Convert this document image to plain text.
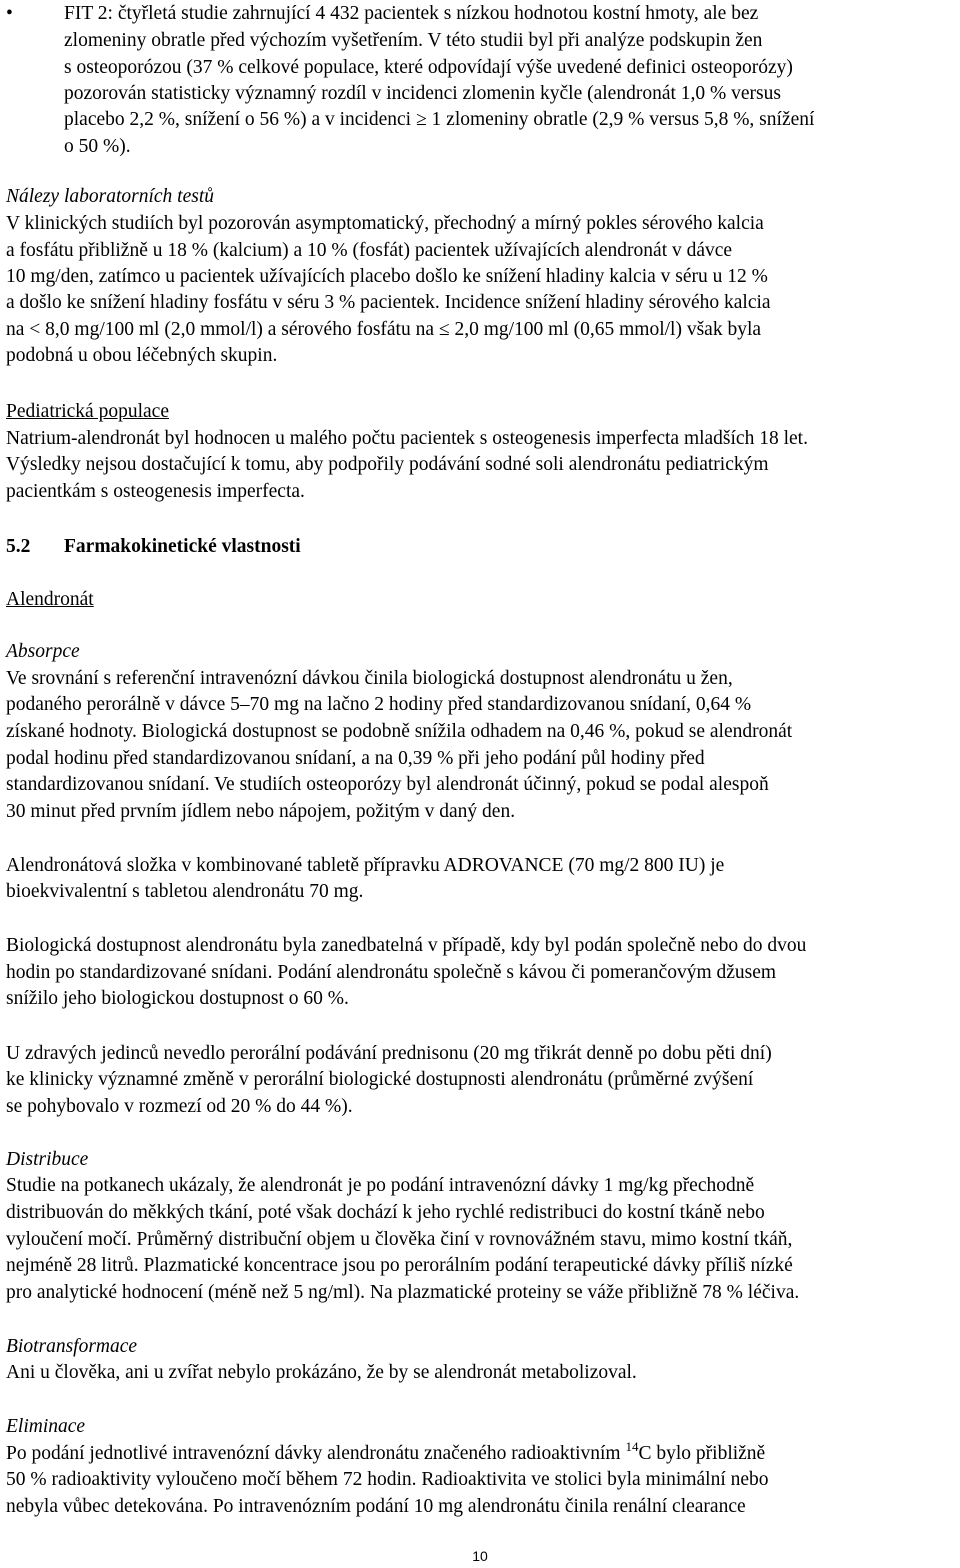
•	FIT 2: čtyřletá studie zahrnující 4 432 pacientek s nízkou hodnotou kostní hmoty, ale bez
zlomeniny obratle před výchozím vyšetřením. V této studii byl při analýze podskupin žen
s osteoporózou (37 % celkové populace, které odpovídají výše uvedené definici osteoporózy)
pozorován statisticky významný rozdíl v incidenci zlomenin kyčle (alendronát 1,0 % versus
placebo 2,2 %, snížení o 56 %) a v incidenci ≥ 1 zlomeniny obratle (2,9 % versus 5,8 %, snížení
o 50 %).
Nálezy laboratorních testů
V klinických studiích byl pozorován asymptomatický, přechodný a mírný pokles sérového kalcia
a fosfátu přibližně u 18 % (kalcium) a 10 % (fosfát) pacientek užívajících alendronát v dávce
10 mg/den, zatímco u pacientek užívajících placebo došlo ke snížení hladiny kalcia v séru u 12 %
a došlo ke snížení hladiny fosfátu v séru 3 % pacientek. Incidence snížení hladiny sérového kalcia
na < 8,0 mg/100 ml (2,0 mmol/l) a sérového fosfátu na ≤ 2,0 mg/100 ml (0,65 mmol/l) však byla
podobná u obou léčebných skupin.
Pediatrická populace
Natrium-alendronát byl hodnocen u malého počtu pacientek s osteogenesis imperfecta mladších 18 let.
Výsledky nejsou dostačující k tomu, aby podpořily podávání sodné soli alendronátu pediatrickým
pacientkám s osteogenesis imperfecta.
5.2 Farmakokinetické vlastnosti
Alendronát
Absorpce
Ve srovnání s referenční intravenózní dávkou činila biologická dostupnost alendronátu u žen,
podaného perorálně v dávce 5–70 mg na lačno 2 hodiny před standardizovanou snídaní, 0,64 %
získané hodnoty. Biologická dostupnost se podobně snížila odhadem na 0,46 %, pokud se alendronát
podal hodinu před standardizovanou snídaní, a na 0,39 % při jeho podání půl hodiny před
standardizovanou snídaní. Ve studiích osteoporózy byl alendronát účinný, pokud se podal alespoň
30 minut před prvním jídlem nebo nápojem, požitým v daný den.
Alendronátová složka v kombinované tabletě přípravku ADROVANCE (70 mg/2 800 IU) je
bioekvivalentní s tabletou alendronátu 70 mg.
Biologická dostupnost alendronátu byla zanedbatelná v případě, kdy byl podán společně nebo do dvou
hodin po standardizované snídani. Podání alendronátu společně s kávou či pomerančovým džusem
snížilo jeho biologickou dostupnost o 60 %.
U zdravých jedinců nevedlo perorální podávání prednisonu (20 mg třikrát denně po dobu pěti dní)
ke klinicky významné změně v perorální biologické dostupnosti alendronátu (průměrné zvýšení
se pohybovalo v rozmezí od 20 % do 44 %).
Distribuce
Studie na potkanech ukázaly, že alendronát je po podání intravenózní dávky 1 mg/kg přechodně
distribuován do měkkých tkání, poté však dochází k jeho rychlé redistribuci do kostní tkáně nebo
vyloučení močí. Průměrný distribuční objem u člověka činí v rovnovážném stavu, mimo kostní tkáň,
nejméně 28 litrů. Plazmatické koncentrace jsou po perorálním podání terapeutické dávky příliš nízké
pro analytické hodnocení (méně než 5 ng/ml). Na plazmatické proteiny se váže přibližně 78 % léčiva.
Biotransformace
Ani u člověka, ani u zvířat nebylo prokázáno, že by se alendronát metabolizoval.
Eliminace
Po podání jednotlivé intravenózní dávky alendronátu značeného radioaktivním $^{14}$C bylo přibližně
50 % radioaktivity vyloučeno močí během 72 hodin. Radioaktivita ve stolici byla minimální nebo
nebyla vůbec detekována. Po intravenózním podání 10 mg alendronátu činila renální clearance
10
